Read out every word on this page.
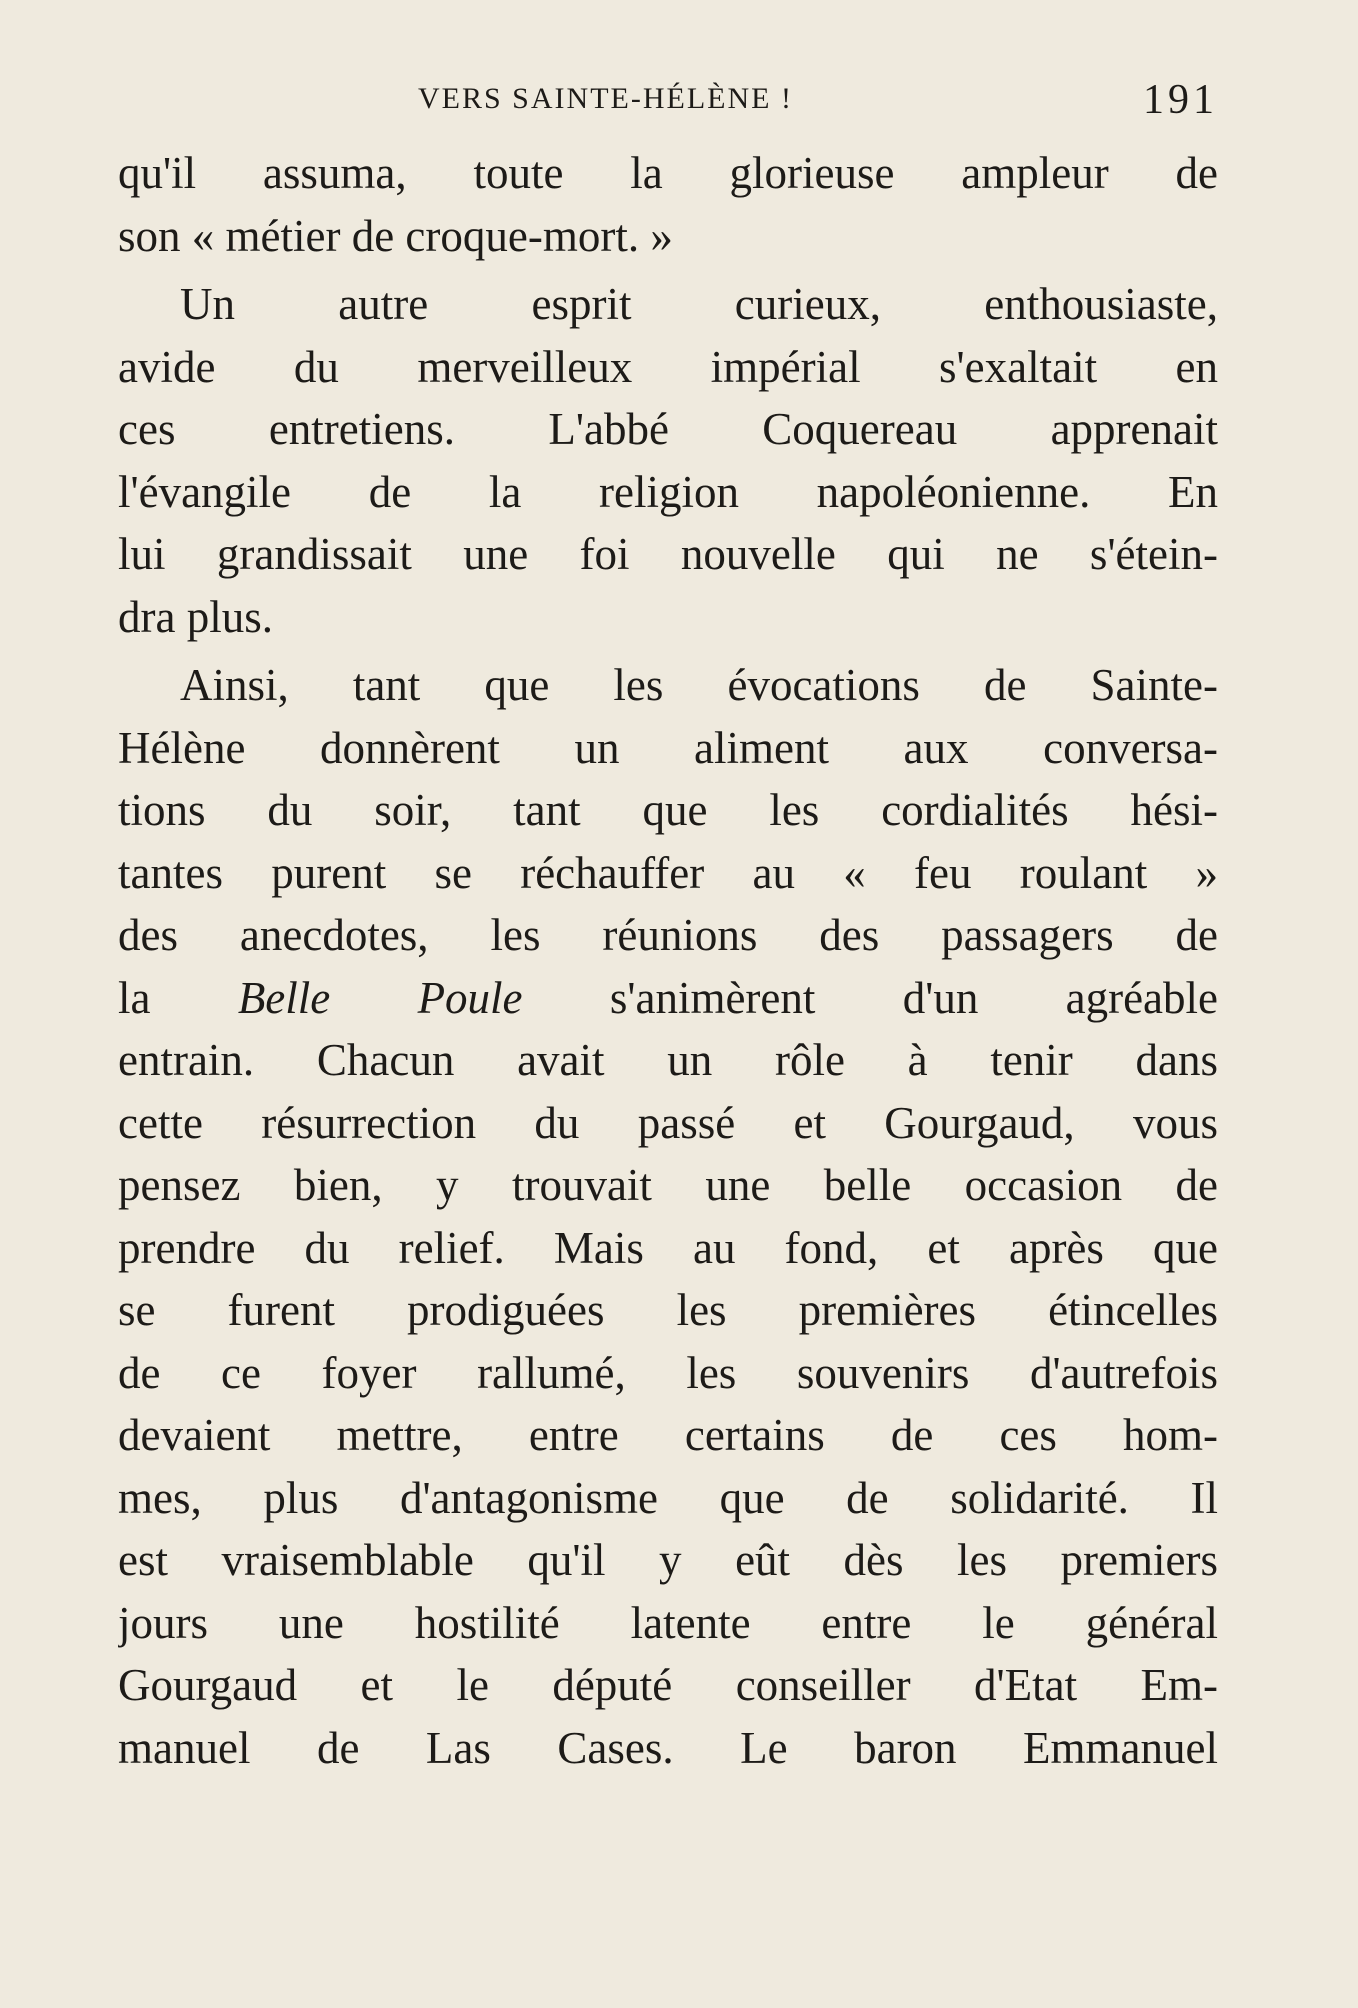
VERS SAINTE-HÉLÈNE !	191
qu'il assuma, toute la glorieuse ampleur de
son « métier de croque-mort. »
Un autre esprit curieux, enthousiaste,
avide du merveilleux impérial s'exaltait en
ces entretiens. L'abbé Coquereau apprenait
l'évangile de la religion napoléonienne. En
lui grandissait une foi nouvelle qui ne s'étein-
dra plus.
Ainsi, tant que les évocations de Sainte-
Hélène donnèrent un aliment aux conversa-
tions du soir, tant que les cordialités hési-
tantes purent se réchauffer au « feu roulant »
des anecdotes, les réunions des passagers de
la Belle Poule s'animèrent d'un agréable
entrain. Chacun avait un rôle à tenir dans
cette résurrection du passé et Gourgaud, vous
pensez bien, y trouvait une belle occasion de
prendre du relief. Mais au fond, et après que
se furent prodiguées les premières étincelles
de ce foyer rallumé, les souvenirs d'autrefois
devaient mettre, entre certains de ces hom-
mes, plus d'antagonisme que de solidarité. Il
est vraisemblable qu'il y eût dès les premiers
jours une hostilité latente entre le général
Gourgaud et le député conseiller d'Etat Em-
manuel de Las Cases. Le baron Emmanuel
